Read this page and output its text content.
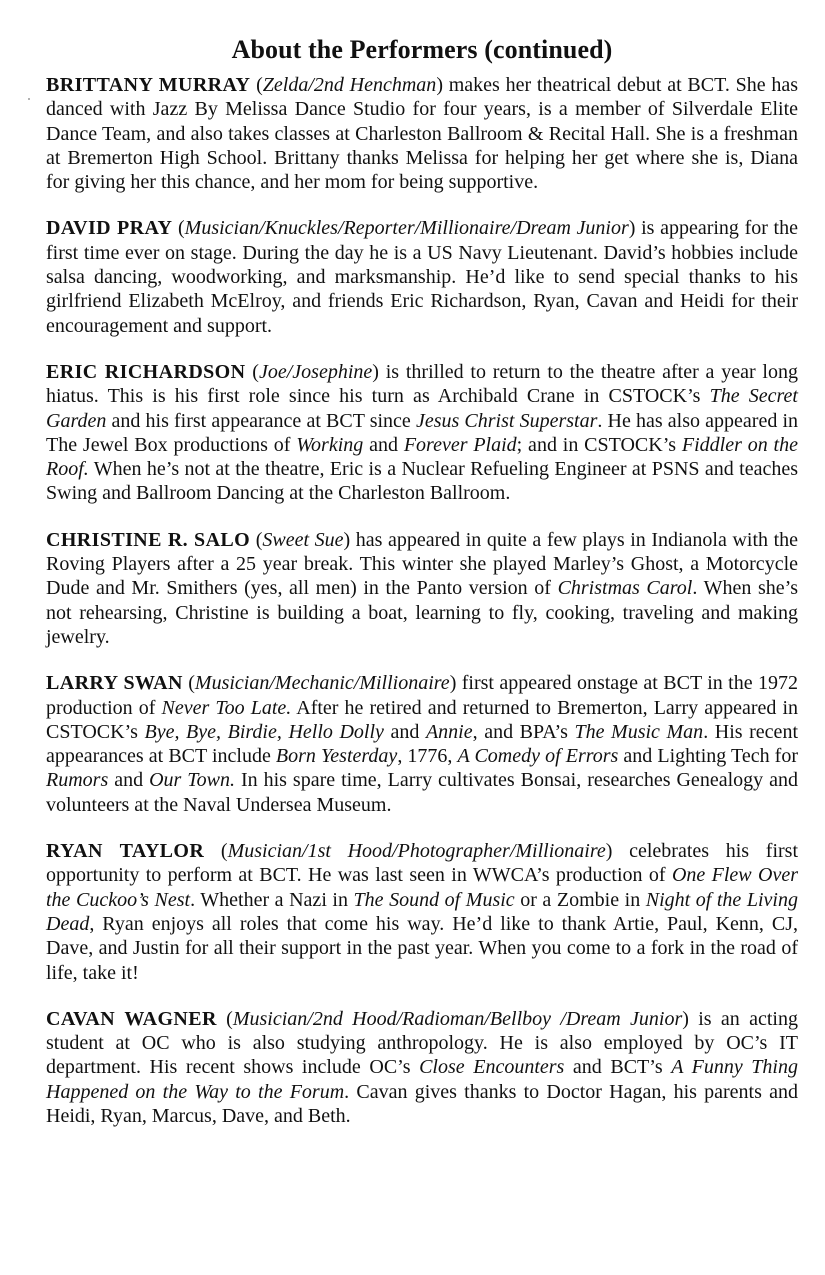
About the Performers (continued)

BRITTANY MURRAY (Zelda/2nd Henchman) makes her theatrical debut at BCT. She has danced with Jazz By Melissa Dance Studio for four years, is a member of Silverdale Elite Dance Team, and also takes classes at Charleston Ballroom & Recital Hall. She is a freshman at Bremerton High School. Brittany thanks Melissa for helping her get where she is, Diana for giving her this chance, and her mom for being supportive.

DAVID PRAY (Musician/Knuckles/Reporter/Millionaire/Dream Junior) is appearing for the first time ever on stage. During the day he is a US Navy Lieutenant. David’s hobbies include salsa dancing, woodworking, and marksmanship. He’d like to send special thanks to his girlfriend Elizabeth McElroy, and friends Eric Richardson, Ryan, Cavan and Heidi for their encouragement and support.

ERIC RICHARDSON (Joe/Josephine) is thrilled to return to the theatre after a year long hiatus. This is his first role since his turn as Archibald Crane in CSTOCK’s The Secret Garden and his first appearance at BCT since Jesus Christ Superstar. He has also appeared in The Jewel Box productions of Working and Forever Plaid; and in CSTOCK’s Fiddler on the Roof. When he’s not at the theatre, Eric is a Nuclear Refueling Engineer at PSNS and teaches Swing and Ballroom Dancing at the Charleston Ballroom.

CHRISTINE R. SALO (Sweet Sue) has appeared in quite a few plays in Indianola with the Roving Players after a 25 year break. This winter she played Marley’s Ghost, a Motorcycle Dude and Mr. Smithers (yes, all men) in the Panto version of Christmas Carol. When she’s not rehearsing, Christine is building a boat, learning to fly, cooking, traveling and making jewelry.

LARRY SWAN (Musician/Mechanic/Millionaire) first appeared onstage at BCT in the 1972 production of Never Too Late. After he retired and returned to Bremerton, Larry appeared in CSTOCK’s Bye, Bye, Birdie, Hello Dolly and Annie, and BPA’s The Music Man. His recent appearances at BCT include Born Yesterday, 1776, A Comedy of Errors and Lighting Tech for Rumors and Our Town. In his spare time, Larry cultivates Bonsai, researches Genealogy and volunteers at the Naval Undersea Museum.

RYAN TAYLOR (Musician/1st Hood/Photographer/Millionaire) celebrates his first opportunity to perform at BCT. He was last seen in WWCA’s production of One Flew Over the Cuckoo’s Nest. Whether a Nazi in The Sound of Music or a Zombie in Night of the Living Dead, Ryan enjoys all roles that come his way. He’d like to thank Artie, Paul, Kenn, CJ, Dave, and Justin for all their support in the past year. When you come to a fork in the road of life, take it!

CAVAN WAGNER (Musician/2nd Hood/Radioman/Bellboy /Dream Junior) is an acting student at OC who is also studying anthropology. He is also employed by OC’s IT department. His recent shows include OC’s Close Encounters and BCT’s A Funny Thing Happened on the Way to the Forum. Cavan gives thanks to Doctor Hagan, his parents and Heidi, Ryan, Marcus, Dave, and Beth.
